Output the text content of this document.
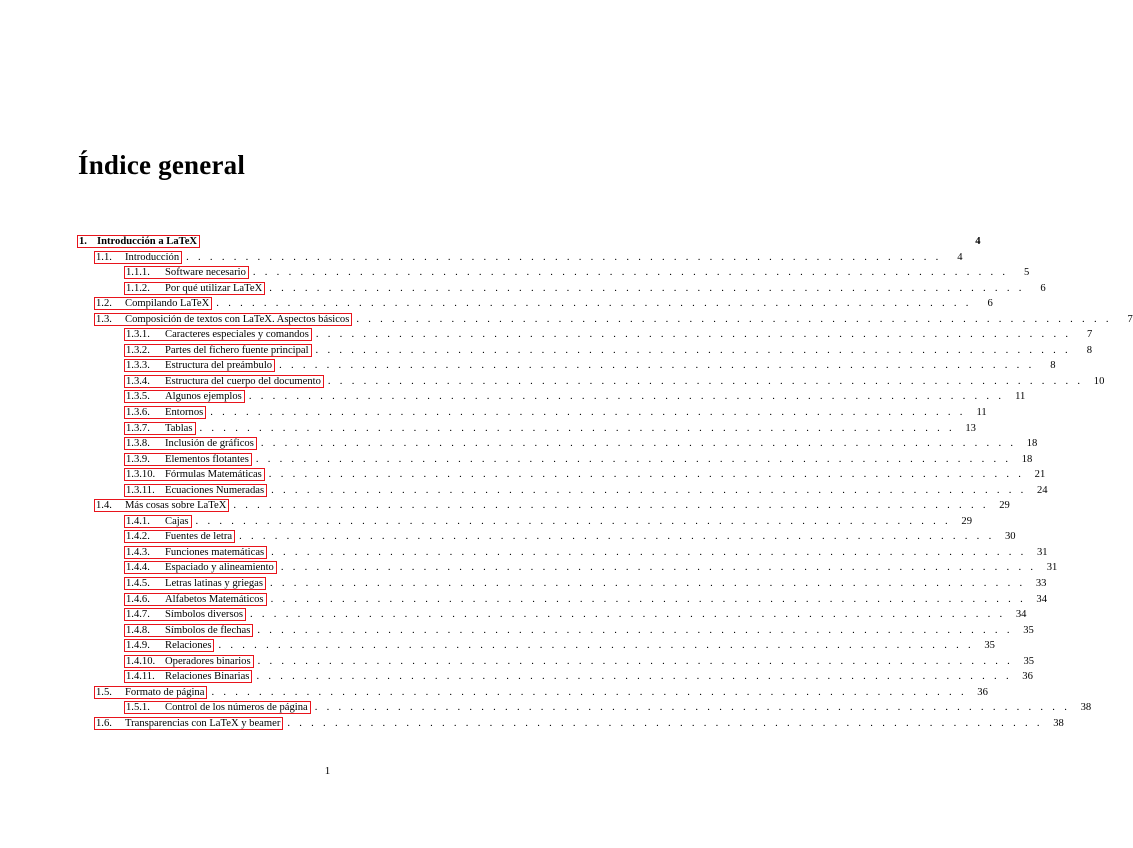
Índice general
1. Introducción a LaTeX	4
1.1. Introducción . . . . . . . . . . . . . . . . . . . . . . . . . . . . . . . . . . . . . . . . . . . . . . . . . . . . . . . . . . . . . . . .	4
1.1.1. Software necesario . . . . . . . . . . . . . . . . . . . . . . . . . . . . . . . . . . . . . . . . . . . . . . . . . . . . . . . . . . . . . . . .	5
1.1.2. Por qué utilizar LaTeX . . . . . . . . . . . . . . . . . . . . . . . . . . . . . . . . . . . . . . . . . . . . . . . . . . . . . . . . . . . . . . . .	6
1.2. Compilando LaTeX . . . . . . . . . . . . . . . . . . . . . . . . . . . . . . . . . . . . . . . . . . . . . . . . . . . . . . . . . . . . . . . .	6
1.3. Composición de textos con LaTeX. Aspectos básicos . . . . . . . . . . . . . . . . . . . . . . . . . . . . . . . . . . . . . . . . . . . . . . . . . . . . . . . . . . . . . . . .	7
1.3.1. Caracteres especiales y comandos . . . . . . . . . . . . . . . . . . . . . . . . . . . . . . . . . . . . . . . . . . . . . . . . . . . . . . . . . . . . . . . .	7
1.3.2. Partes del fichero fuente principal . . . . . . . . . . . . . . . . . . . . . . . . . . . . . . . . . . . . . . . . . . . . . . . . . . . . . . . . . . . . . . . .	8
1.3.3. Estructura del preámbulo . . . . . . . . . . . . . . . . . . . . . . . . . . . . . . . . . . . . . . . . . . . . . . . . . . . . . . . . . . . . . . . .	8
1.3.4. Estructura del cuerpo del documento . . . . . . . . . . . . . . . . . . . . . . . . . . . . . . . . . . . . . . . . . . . . . . . . . . . . . . . . . . . . . . . . 10
1.3.5. Algunos ejemplos . . . . . . . . . . . . . . . . . . . . . . . . . . . . . . . . . . . . . . . . . . . . . . . . . . . . . . . . . . . . . . . .	11
1.3.6. Entornos . . . . . . . . . . . . . . . . . . . . . . . . . . . . . . . . . . . . . . . . . . . . . . . . . . . . . . . . . . . . . . . .	11
1.3.7. Tablas . . . . . . . . . . . . . . . . . . . . . . . . . . . . . . . . . . . . . . . . . . . . . . . . . . . . . . . . . . . . . . . . 13
1.3.8. Inclusión de gráficos . . . . . . . . . . . . . . . . . . . . . . . . . . . . . . . . . . . . . . . . . . . . . . . . . . . . . . . . . . . . . . . . 18
1.3.9. Elementos flotantes . . . . . . . . . . . . . . . . . . . . . . . . . . . . . . . . . . . . . . . . . . . . . . . . . . . . . . . . . . . . . . . . 18
1.3.10. Fórmulas Matemáticas . . . . . . . . . . . . . . . . . . . . . . . . . . . . . . . . . . . . . . . . . . . . . . . . . . . . . . . . . . . . . . . . 21
1.3.11. Ecuaciones Numeradas . . . . . . . . . . . . . . . . . . . . . . . . . . . . . . . . . . . . . . . . . . . . . . . . . . . . . . . . . . . . . . . . 24
1.4. Más cosas sobre LaTeX . . . . . . . . . . . . . . . . . . . . . . . . . . . . . . . . . . . . . . . . . . . . . . . . . . . . . . . . . . . . . . . . 29
1.4.1. Cajas . . . . . . . . . . . . . . . . . . . . . . . . . . . . . . . . . . . . . . . . . . . . . . . . . . . . . . . . . . . . . . . . 29
1.4.2. Fuentes de letra . . . . . . . . . . . . . . . . . . . . . . . . . . . . . . . . . . . . . . . . . . . . . . . . . . . . . . . . . . . . . . . . 30
1.4.3. Funciones matemáticas . . . . . . . . . . . . . . . . . . . . . . . . . . . . . . . . . . . . . . . . . . . . . . . . . . . . . . . . . . . . . . . . 31
1.4.4. Espaciado y alineamiento . . . . . . . . . . . . . . . . . . . . . . . . . . . . . . . . . . . . . . . . . . . . . . . . . . . . . . . . . . . . . . . . 31
1.4.5. Letras latinas y griegas . . . . . . . . . . . . . . . . . . . . . . . . . . . . . . . . . . . . . . . . . . . . . . . . . . . . . . . . . . . . . . . . 33
1.4.6. Alfabetos Matemáticos . . . . . . . . . . . . . . . . . . . . . . . . . . . . . . . . . . . . . . . . . . . . . . . . . . . . . . . . . . . . . . . . 34
1.4.7. Símbolos diversos . . . . . . . . . . . . . . . . . . . . . . . . . . . . . . . . . . . . . . . . . . . . . . . . . . . . . . . . . . . . . . . . 34
1.4.8. Símbolos de flechas . . . . . . . . . . . . . . . . . . . . . . . . . . . . . . . . . . . . . . . . . . . . . . . . . . . . . . . . . . . . . . . . 35
1.4.9. Relaciones . . . . . . . . . . . . . . . . . . . . . . . . . . . . . . . . . . . . . . . . . . . . . . . . . . . . . . . . . . . . . . . . 35
1.4.10. Operadores binarios . . . . . . . . . . . . . . . . . . . . . . . . . . . . . . . . . . . . . . . . . . . . . . . . . . . . . . . . . . . . . . . . 35
1.4.11. Relaciones Binarias . . . . . . . . . . . . . . . . . . . . . . . . . . . . . . . . . . . . . . . . . . . . . . . . . . . . . . . . . . . . . . . . 36
1.5. Formato de página . . . . . . . . . . . . . . . . . . . . . . . . . . . . . . . . . . . . . . . . . . . . . . . . . . . . . . . . . . . . . . . . 36
1.5.1. Control de los números de página . . . . . . . . . . . . . . . . . . . . . . . . . . . . . . . . . . . . . . . . . . . . . . . . . . . . . . . . . . . . . . . . 38
1.6. Transparencias con LaTeX y beamer . . . . . . . . . . . . . . . . . . . . . . . . . . . . . . . . . . . . . . . . . . . . . . . . . . . . . . . . . . . . . . . . 38
1
